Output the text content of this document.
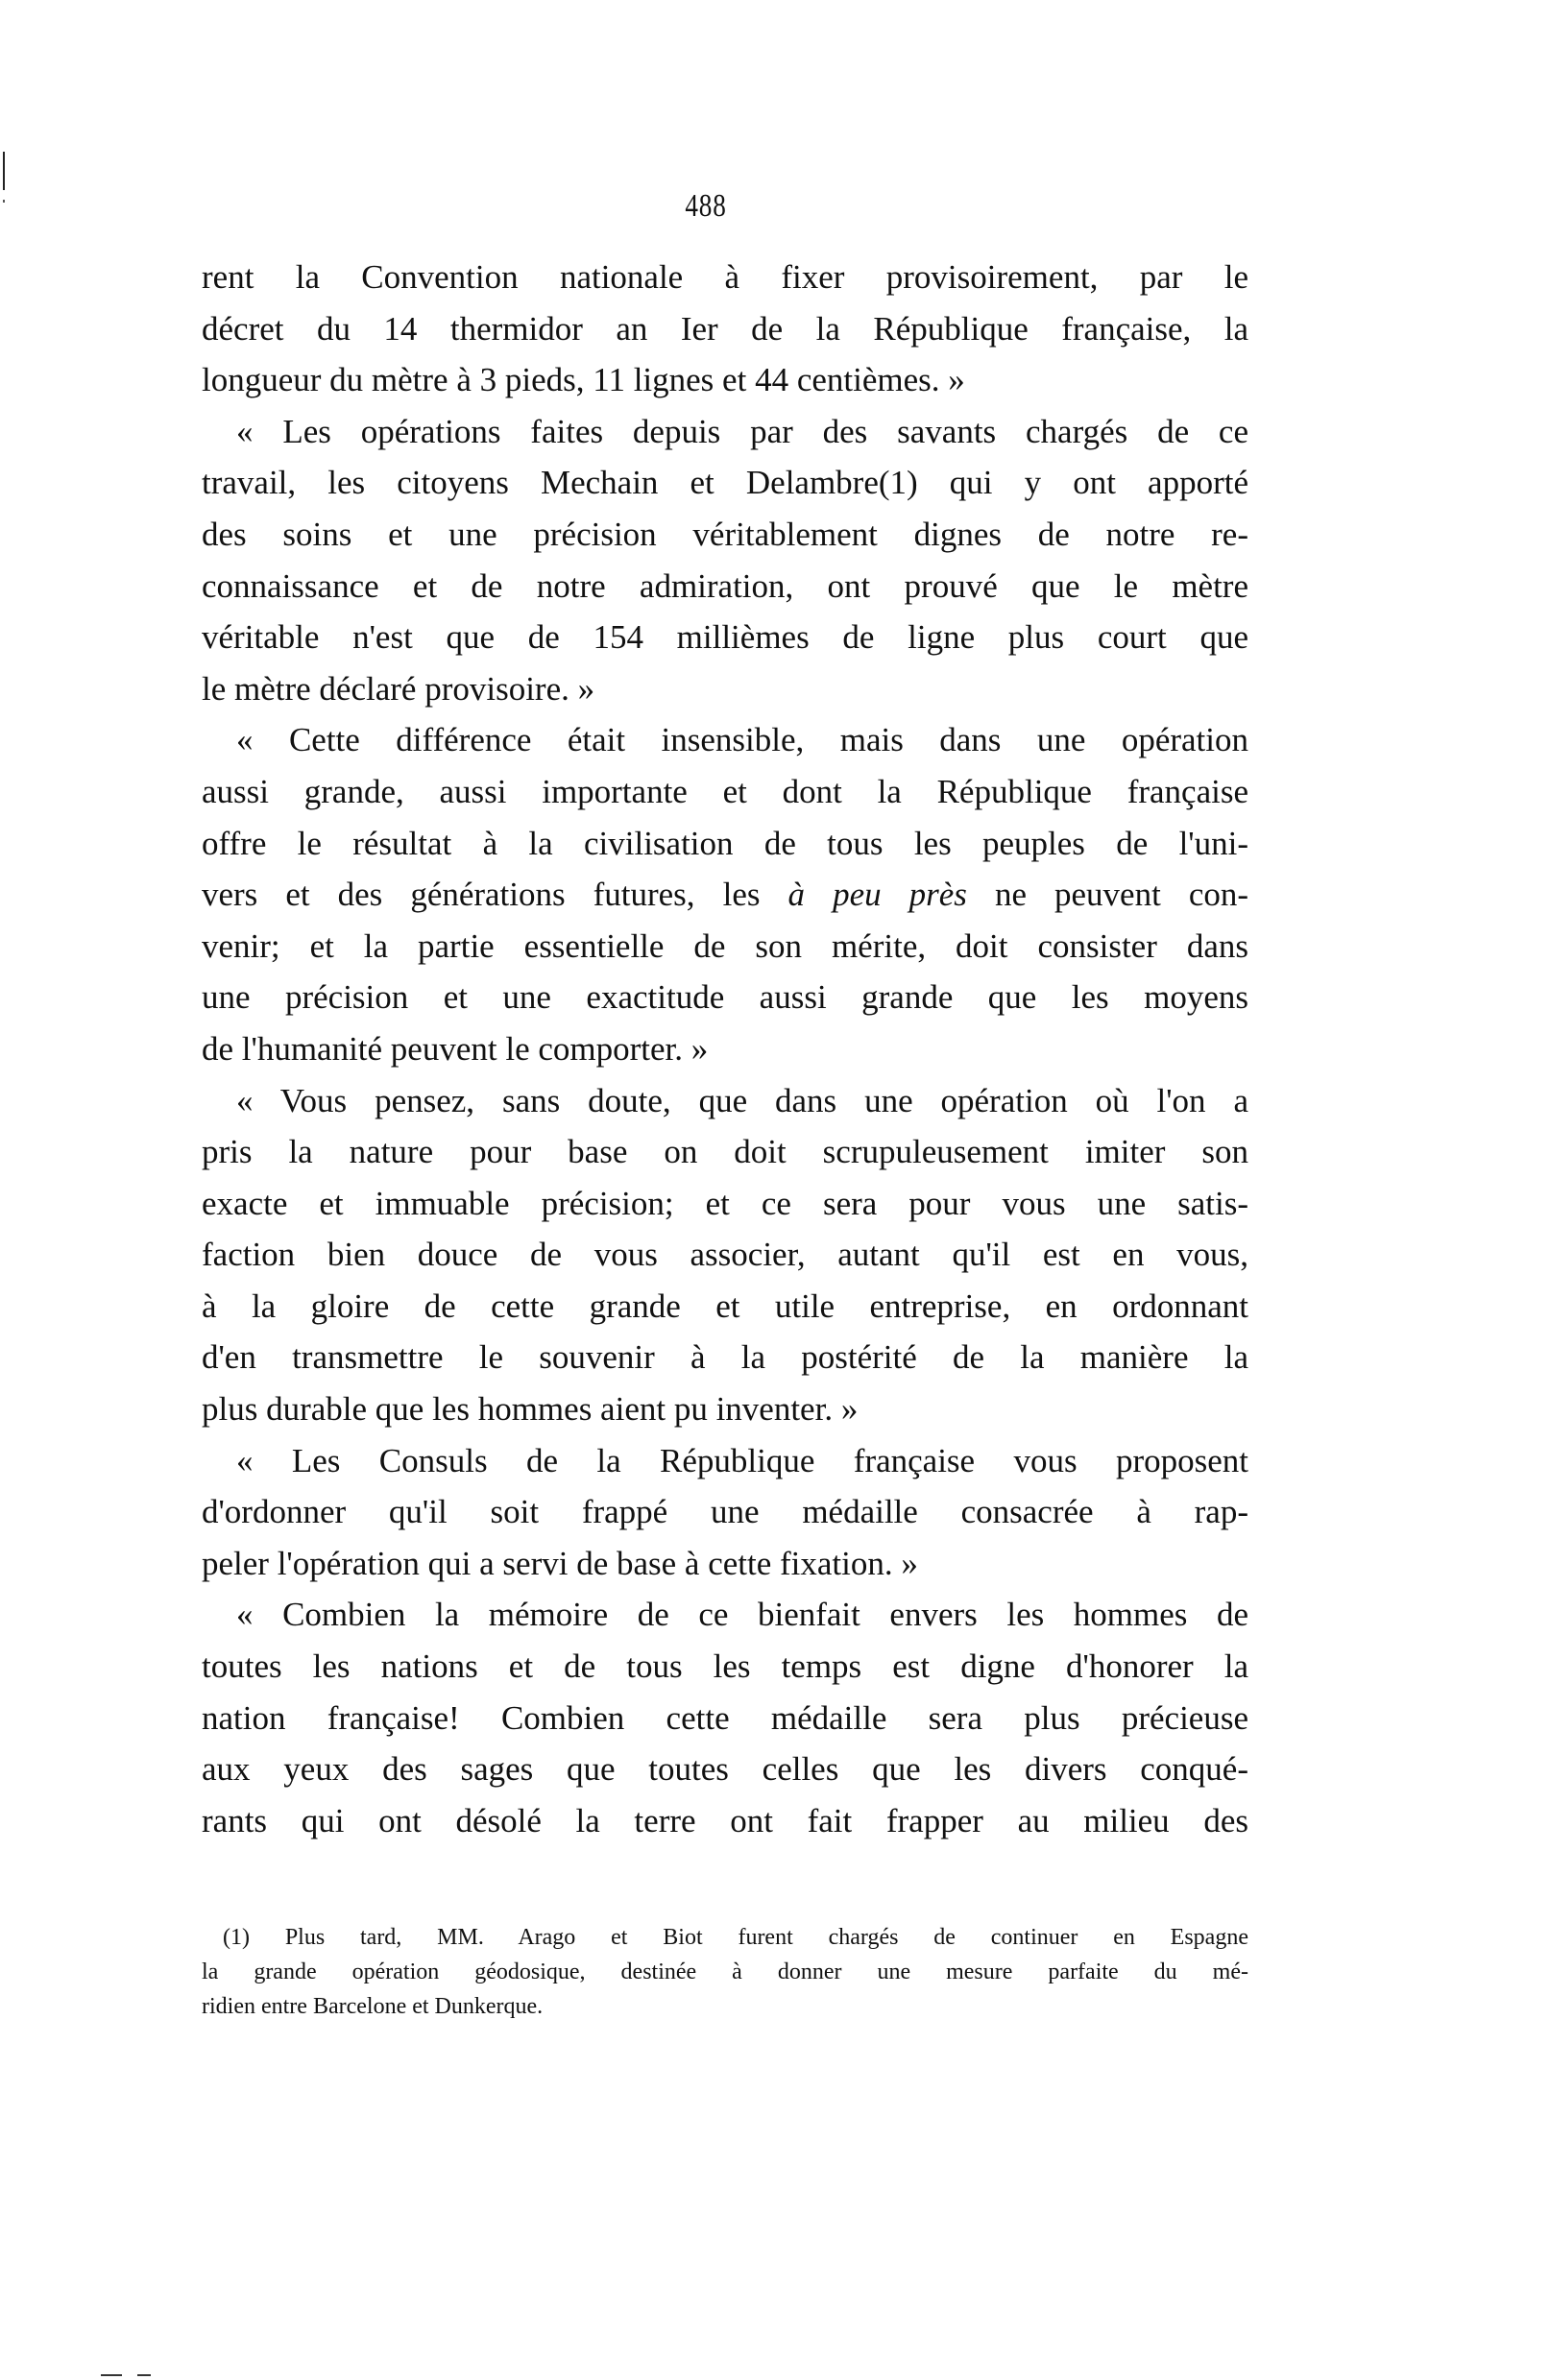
488
rent la Convention nationale à fixer provisoirement, par le
décret du 14 thermidor an Ier de la République française, la
longueur du mètre à 3 pieds, 11 lignes et 44 centièmes. »
« Les opérations faites depuis par des savants chargés de ce
travail, les citoyens Mechain et Delambre(1) qui y ont apporté
des soins et une précision véritablement dignes de notre re-
connaissance et de notre admiration, ont prouvé que le mètre
véritable n'est que de 154 millièmes de ligne plus court que
le mètre déclaré provisoire. »
« Cette différence était insensible, mais dans une opération
aussi grande, aussi importante et dont la République française
offre le résultat à la civilisation de tous les peuples de l'uni-
vers et des générations futures, les à peu près ne peuvent con-
venir; et la partie essentielle de son mérite, doit consister dans
une précision et une exactitude aussi grande que les moyens
de l'humanité peuvent le comporter. »
« Vous pensez, sans doute, que dans une opération où l'on a
pris la nature pour base on doit scrupuleusement imiter son
exacte et immuable précision; et ce sera pour vous une satis-
faction bien douce de vous associer, autant qu'il est en vous,
à la gloire de cette grande et utile entreprise, en ordonnant
d'en transmettre le souvenir à la postérité de la manière la
plus durable que les hommes aient pu inventer. »
« Les Consuls de la République française vous proposent
d'ordonner qu'il soit frappé une médaille consacrée à rap-
peler l'opération qui a servi de base à cette fixation. »
« Combien la mémoire de ce bienfait envers les hommes de
toutes les nations et de tous les temps est digne d'honorer la
nation française! Combien cette médaille sera plus précieuse
aux yeux des sages que toutes celles que les divers conqué-
rants qui ont désolé la terre ont fait frapper au milieu des
(1) Plus tard, MM. Arago et Biot furent chargés de continuer en Espagne
la grande opération géodosique, destinée à donner une mesure parfaite du mé-
ridien entre Barcelone et Dunkerque.
